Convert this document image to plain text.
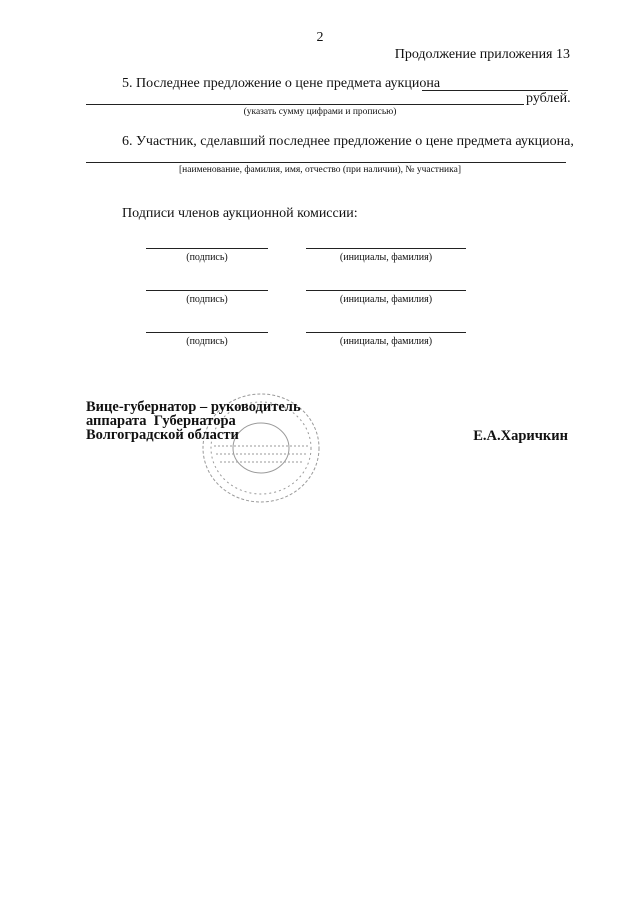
2
Продолжение приложения 13
5. Последнее предложение о цене предмета аукциона
рублей.
(указать сумму цифрами и прописью)
6. Участник, сделавший последнее предложение о цене предмета аукциона,
[наименование, фамилия, имя, отчество (при наличии), № участника]
Подписи членов аукционной комиссии:
(подпись)	(инициалы, фамилия)
(подпись)	(инициалы, фамилия)
(подпись)	(инициалы, фамилия)
Вице-губернатор – руководитель
аппарата  Губернатора
Волгоградской области	Е.А.Харичкин
